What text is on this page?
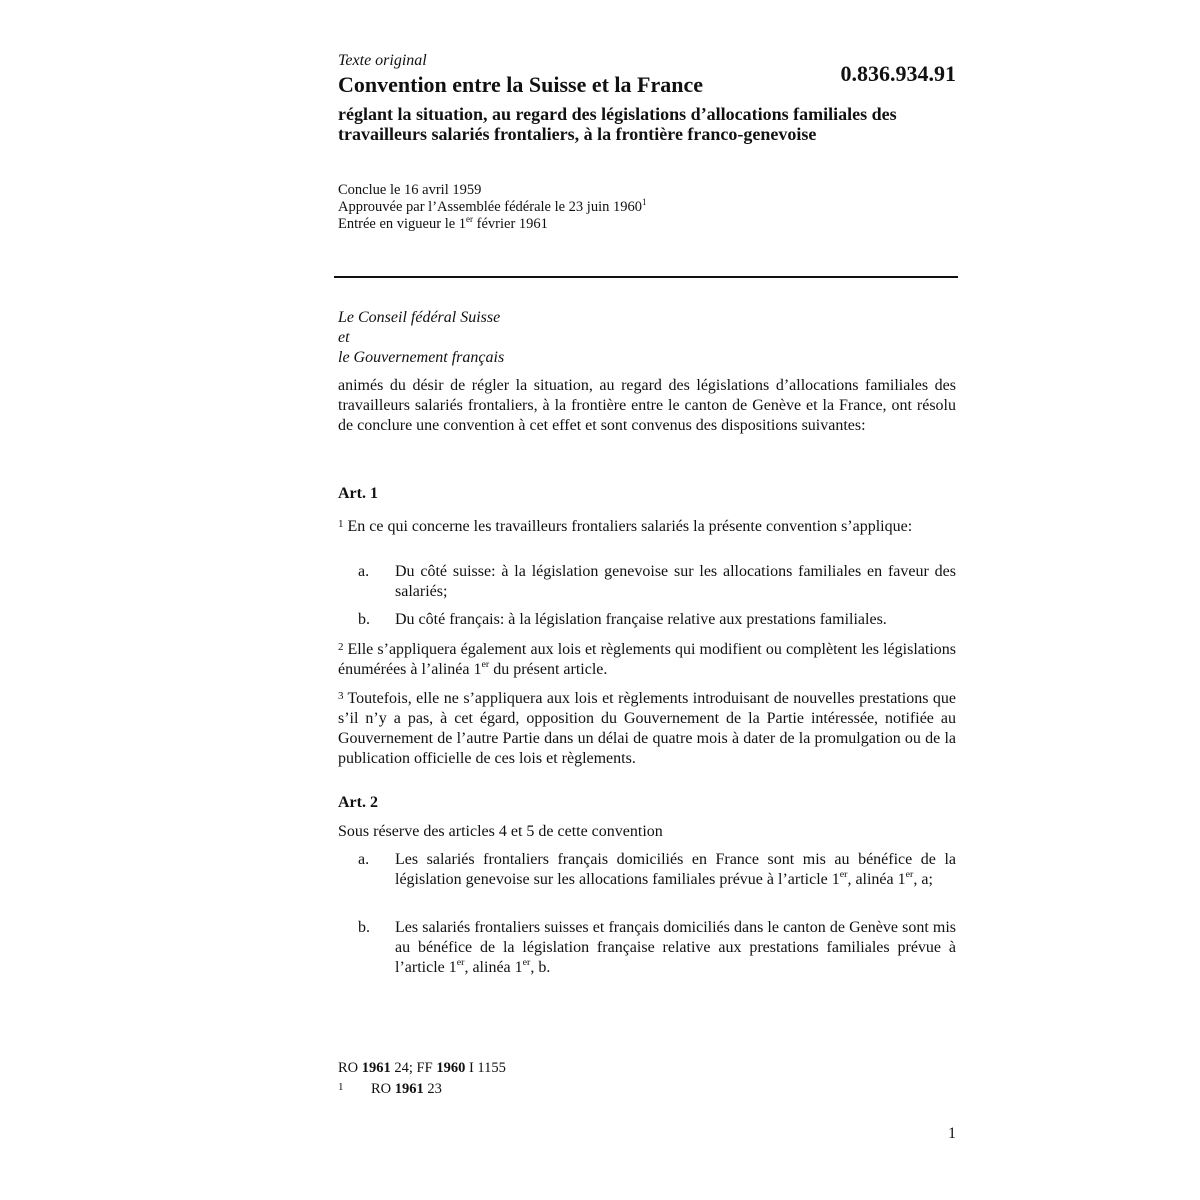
Texte original
Convention entre la Suisse et la France	0.836.934.91
réglant la situation, au regard des législations d’allocations familiales des travailleurs salariés frontaliers, à la frontière franco-genevoise
Conclue le 16 avril 1959
Approuvée par l’Assemblée fédérale le 23 juin 1960$^1$
Entrée en vigueur le 1er février 1961
Le Conseil fédéral Suisse
et
le Gouvernement français
animés du désir de régler la situation, au regard des législations d’allocations familiales des travailleurs salariés frontaliers, à la frontière entre le canton de Genève et la France, ont résolu de conclure une convention à cet effet et sont convenus des dispositions suivantes:
Art. 1
$^1$ En ce qui concerne les travailleurs frontaliers salariés la présente convention s’applique:
a. Du côté suisse: à la législation genevoise sur les allocations familiales en faveur des salariés;
b. Du côté français: à la législation française relative aux prestations familiales.
$^2$ Elle s’appliquera également aux lois et règlements qui modifient ou complètent les législations énumérées à l’alinéa 1er du présent article.
$^3$ Toutefois, elle ne s’appliquera aux lois et règlements introduisant de nouvelles prestations que s’il n’y a pas, à cet égard, opposition du Gouvernement de la Partie intéressée, notifiée au Gouvernement de l’autre Partie dans un délai de quatre mois à dater de la promulgation ou de la publication officielle de ces lois et règlements.
Art. 2
Sous réserve des articles 4 et 5 de cette convention
a. Les salariés frontaliers français domiciliés en France sont mis au bénéfice de la législation genevoise sur les allocations familiales prévue à l’article 1er, alinéa 1er, a;
b. Les salariés frontaliers suisses et français domiciliés dans le canton de Genève sont mis au bénéfice de la législation française relative aux prestations familiales prévue à l’article 1er, alinéa 1er, b.
RO 1961 24; FF 1960 I 1155
1 RO 1961 23
1
